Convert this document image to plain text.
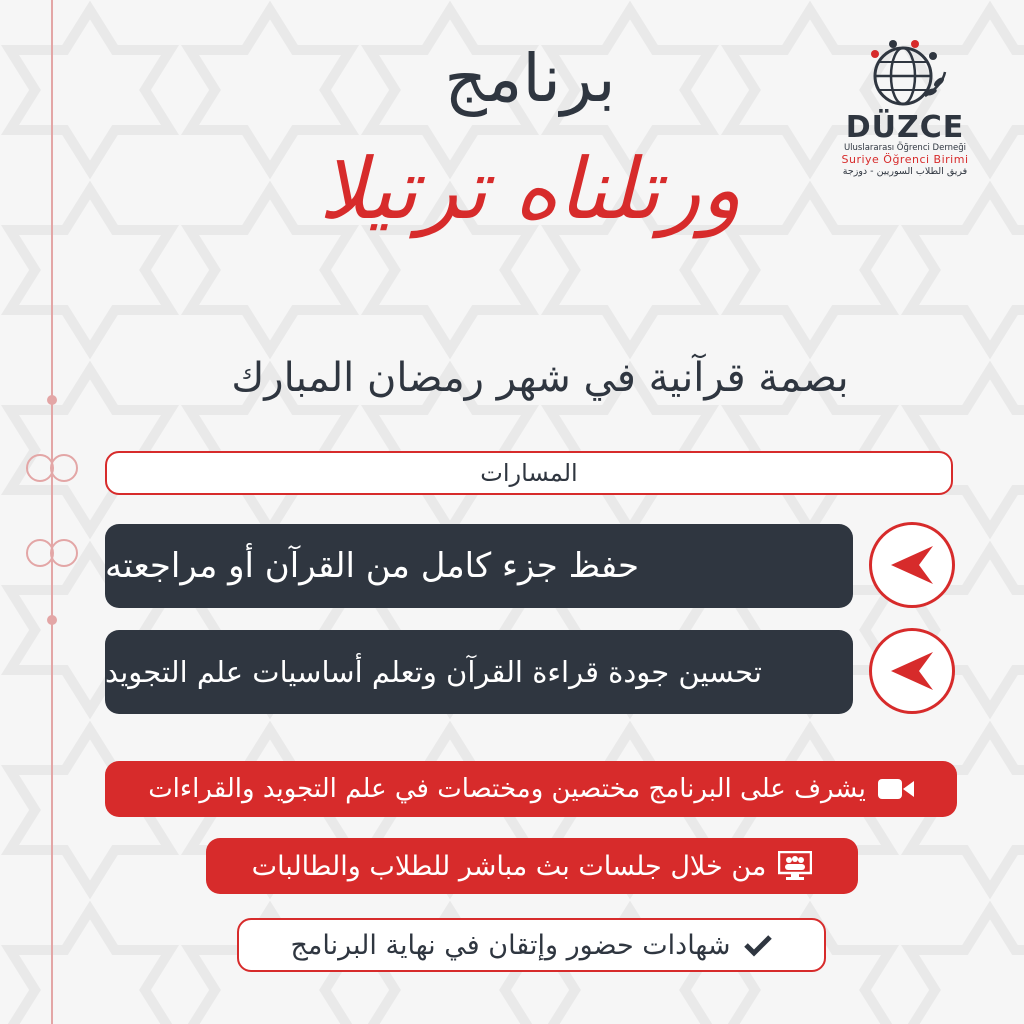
برنامج
ورتلناه ترتيلا
بصمة قرآنية في شهر رمضان المبارك
المسارات
حفظ جزء كامل من القرآن أو مراجعته
تحسين جودة قراءة القرآن وتعلم أساسيات علم التجويد
يشرف على البرنامج مختصين ومختصات في علم التجويد والقراءات
من خلال جلسات بث مباشر للطلاب والطالبات
شهادات حضور وإتقان في نهاية البرنامج
DÜZCE
Uluslararası Öğrenci Derneği
Suriye Öğrenci Birimi
فريق الطلاب السوريين - دوزجة
